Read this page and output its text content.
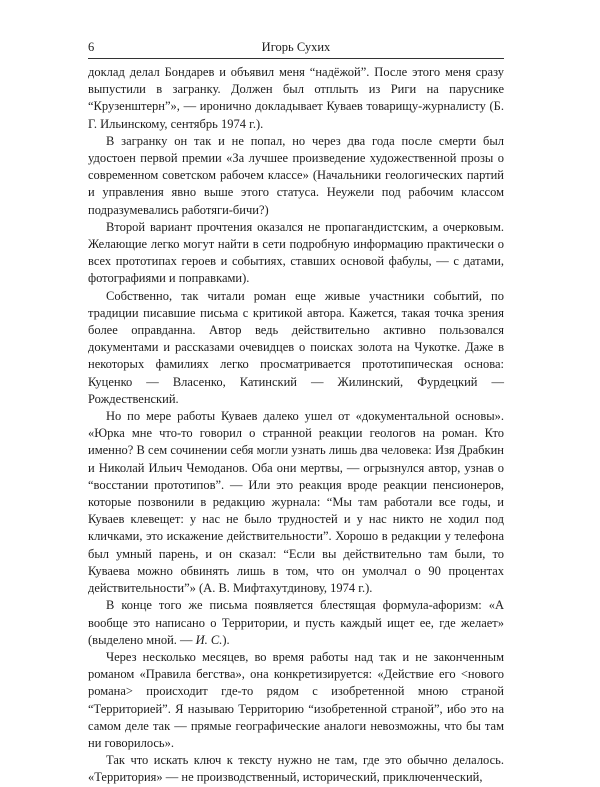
6	Игорь Сухих

доклад делал Бондарев и объявил меня “надёжой”. После этого меня сразу выпустили в загранку. Должен был отплыть из Риги на паруснике “Крузенштерн”», — иронично докладывает Куваев товарищу-журналисту (Б. Г. Ильинскому, сентябрь 1974 г.).

В загранку он так и не попал, но через два года после смерти был удостоен первой премии «За лучшее произведение художественной прозы о современном советском рабочем классе» (Начальники геологических партий и управления явно выше этого статуса. Неужели под рабочим классом подразумевались работяги-бичи?)

Второй вариант прочтения оказался не пропагандистским, а очерковым. Желающие легко могут найти в сети подробную информацию практически о всех прототипах героев и событиях, ставших основой фабулы, — с датами, фотографиями и поправками).

Собственно, так читали роман еще живые участники событий, по традиции писавшие письма с критикой автора. Кажется, такая точка зрения более оправданна. Автор ведь действительно активно пользовался документами и рассказами очевидцев о поисках золота на Чукотке. Даже в некоторых фамилиях легко просматривается прототипическая основа: Куценко — Власенко, Катинский — Жилинский, Фурдецкий — Рождественский.

Но по мере работы Куваев далеко ушел от «документальной основы». «Юрка мне что-то говорил о странной реакции геологов на роман. Кто именно? В сем сочинении себя могли узнать лишь два человека: Изя Драбкин и Николай Ильич Чемоданов. Оба они мертвы, — огрызнулся автор, узнав о “восстании прототипов”. — Или это реакция вроде реакции пенсионеров, которые позвонили в редакцию журнала: “Мы там работали все годы, и Куваев клевещет: у нас не было трудностей и у нас никто не ходил под кличками, это искажение действительности”. Хорошо в редакции у телефона был умный парень, и он сказал: “Если вы действительно там были, то Куваева можно обвинять лишь в том, что он умолчал о 90 процентах действительности”» (А. В. Мифтахутдинову, 1974 г.).

В конце того же письма появляется блестящая формула-афоризм: «А вообще это написано о Территории, и пусть каждый ищет ее, где желает» (выделено мной. — И. С.).

Через несколько месяцев, во время работы над так и не законченным романом «Правила бегства», она конкретизируется: «Действие его <нового романа> происходит где-то рядом с изобретенной мною страной “Территорией”. Я называю Территорию “изобретенной страной”, ибо это на самом деле так — прямые географические аналоги невозможны, что бы там ни говорилось».

Так что искать ключ к тексту нужно не там, где это обычно делалось. «Территория» — не производственный, исторический, приключенческий,
